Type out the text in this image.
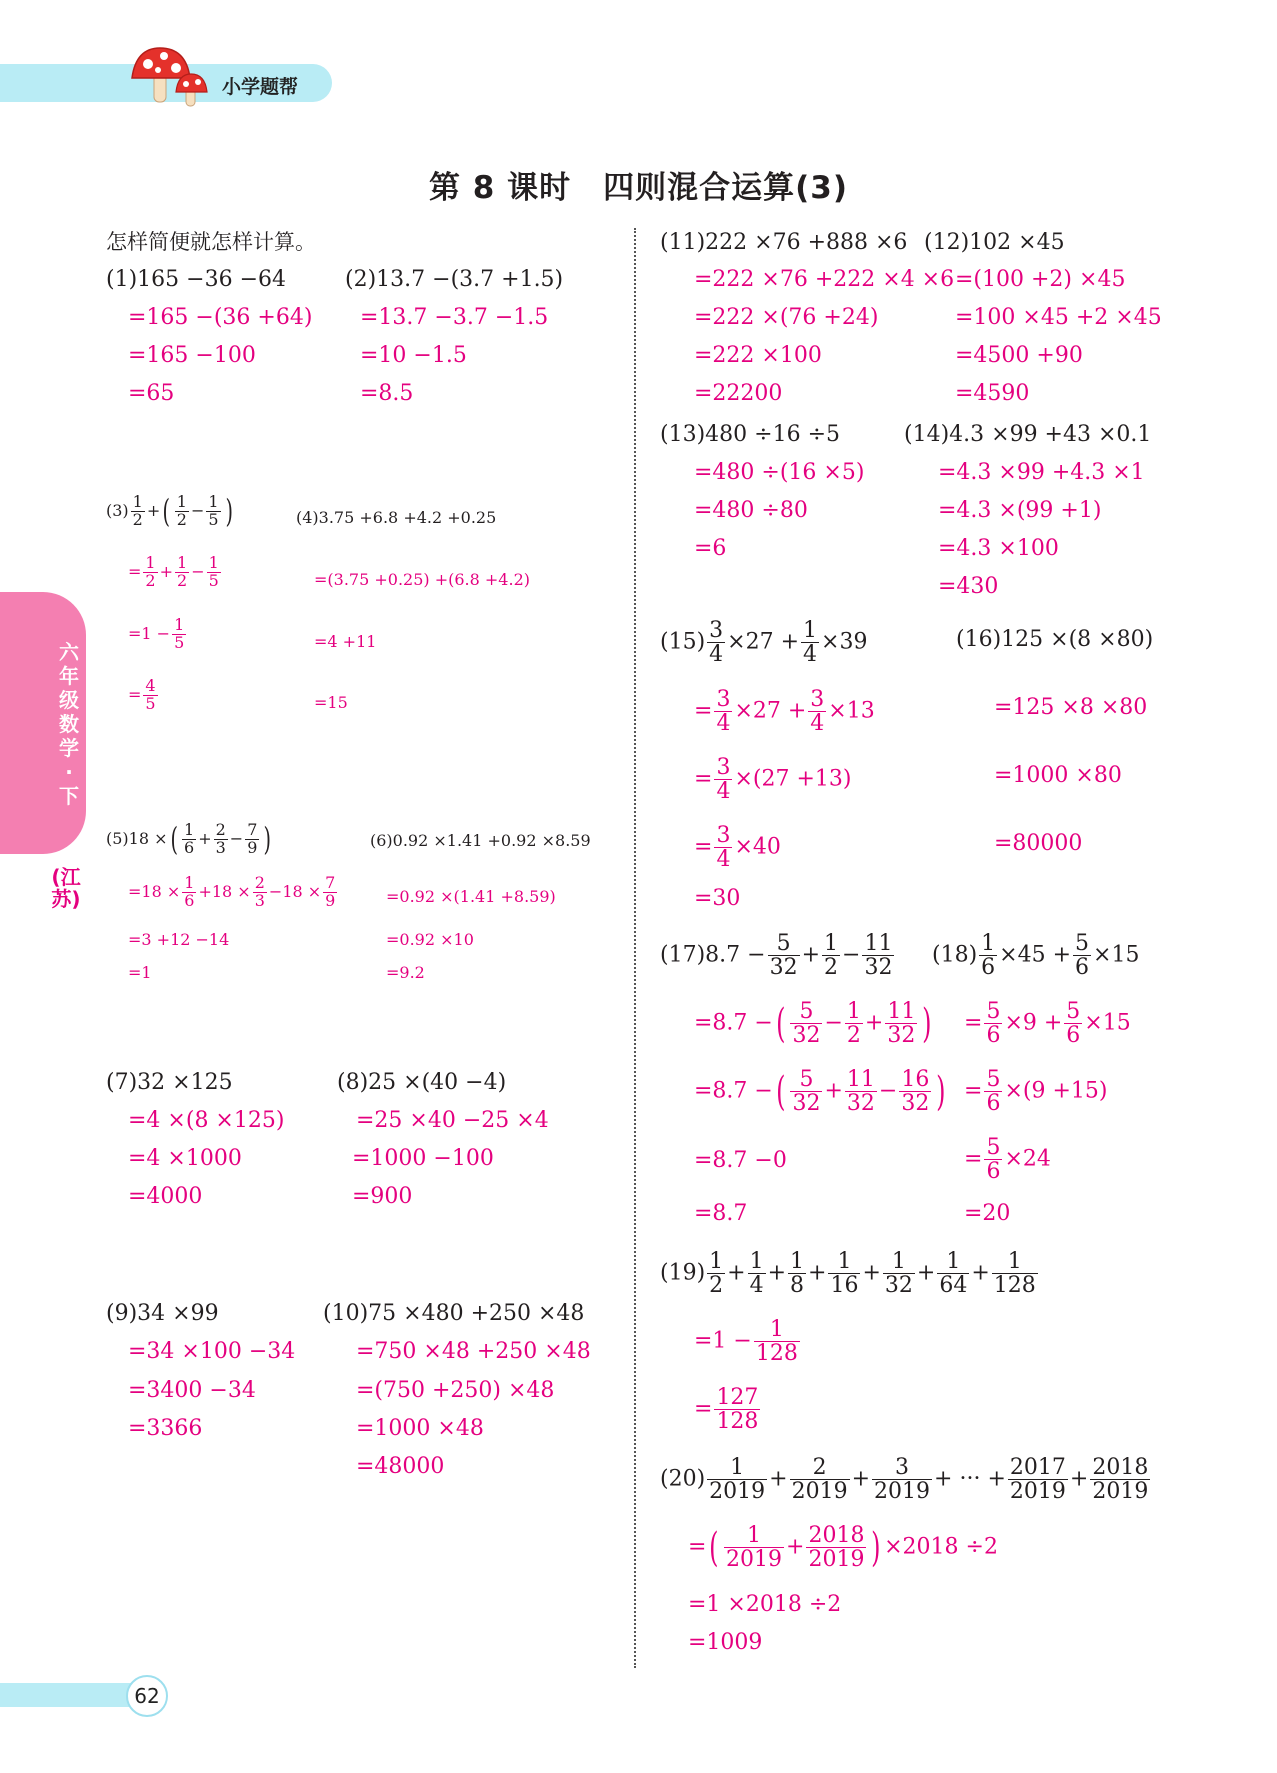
小学题帮
第 8 课时　四则混合运算(3)
六年级数学·下
(江苏)
怎样简便就怎样计算。
(1)165 −36 −64
=165 −(36 +64)
=165 −100
=65
(2)13.7 −(3.7 +1.5)
=13.7 −3.7 −1.5
=10 −1.5
=8.5
$(3) \frac{1}{2}$ +( $\frac{1}{2} - \frac{1}{5}$ )
= $\frac{1}{2} + \frac{1}{2} - \frac{1}{5}$
$=1 - \frac{1}{5}$
= $\frac{4}{5}$
(4)3.75 +6.8 +4.2 +0.25
=(3.75 +0.25) +(6.8 +4.2)
=4 +11
=15
(5)18 ×( $\frac{1}{6} + \frac{2}{3} - \frac{7}{9}$ )
$=18 \times \frac{1}{6} +18 \times \frac{2}{3} -18 \times \frac{7}{9}$
=3 +12 −14
=1
(6)0.92 ×1.41 +0.92 ×8.59
=0.92 ×(1.41 +8.59)
=0.92 ×10
=9.2
(7)32 ×125
=4 ×(8 ×125)
=4 ×1000
=4000
(8)25 ×(40 −4)
=25 ×40 −25 ×4
=1000 −100
=900
(9)34 ×99
=34 ×100 −34
=3400 −34
=3366
(10)75 ×480 +250 ×48
=750 ×48 +250 ×48
=(750 +250) ×48
=1000 ×48
=48000
(11)222 ×76 +888 ×6
=222 ×76 +222 ×4 ×6
=222 ×(76 +24)
=222 ×100
=22200
(12)102 ×45
=(100 +2) ×45
=100 ×45 +2 ×45
=4500 +90
=4590
(13)480 ÷16 ÷5
=480 ÷(16 ×5)
=480 ÷80
=6
(14)4.3 ×99 +43 ×0.1
=4.3 ×99 +4.3 ×1
=4.3 ×(99 +1)
=4.3 ×100
=430
$(15) \frac{3}{4} \times 27 + \frac{1}{4} \times 39$
= $\frac{3}{4} \times 27 + \frac{3}{4} \times 13$
= $\frac{3}{4} \times(27 +13)$
= $\frac{3}{4} \times 40$
=30
(16)125 ×(8 ×80)
=125 ×8 ×80
=1000 ×80
=80000
$(17)8.7 - \frac{5}{32} + \frac{1}{2} - \frac{11}{32}$
=8.7 −( $\frac{5}{32} - \frac{1}{2} + \frac{11}{32}$ )
=8.7 −( $\frac{5}{32} + \frac{11}{32} - \frac{16}{32}$ )
=8.7 −0
=8.7
$(18) \frac{1}{6} \times 45 + \frac{5}{6} \times 15$
= $\frac{5}{6} \times 9 + \frac{5}{6} \times 15$
= $\frac{5}{6} \times(9 +15)$
= $\frac{5}{6} \times 24$
=20
$(19) \frac{1}{2} + \frac{1}{4} + \frac{1}{8} + \frac{1}{16} + \frac{1}{32} + \frac{1}{64} + \frac{1}{128}$
$=1 - \frac{1}{128}$
= $\frac{127}{128}$
$(20) \frac{1}{2019} + \frac{2}{2019} + \frac{3}{2019}$ + ··· + $\frac{2017}{2019} + \frac{2018}{2019}$
=( $\frac{1}{2019} + \frac{2018}{2019}$ ) ×2018 ÷2
=1 ×2018 ÷2
=1009
62
